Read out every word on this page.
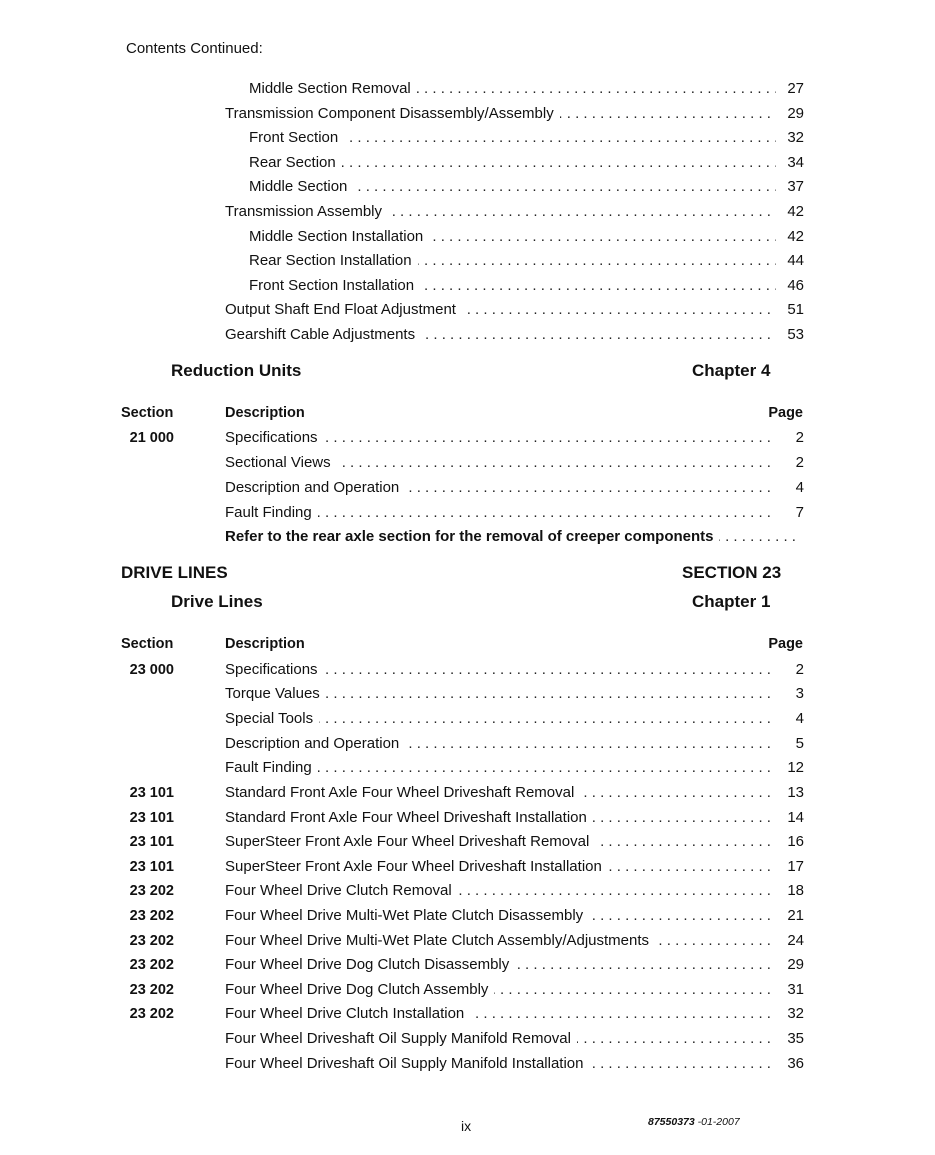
Contents Continued:
. . .
Middle Section Removal	27
. . .
Transmission Component Disassembly/Assembly	29
. . .
Front Section	32
. . .
Rear Section	34
. . .
Middle Section	37
. . .
Transmission Assembly	42
. . .
Middle Section Installation	42
. . .
Rear Section Installation	44
. . .
Front Section Installation	46
. . .
Output Shaft End Float Adjustment	51
. . .
Gearshift Cable Adjustments	53
Reduction Units	Chapter 4
Section	Description	Page
21 000 . . .	Specifications	2
. . .
Sectional Views	2
. . .
Description and Operation	4
. . .
Fault Finding	7
. . .
Refer to the rear axle section for the removal of creeper components
DRIVE LINES	SECTION 23
Drive Lines	Chapter 1
Section	Description	Page
23 000 . . .	Specifications	2
. . .
Torque Values	3
. . .
Special Tools	4
. . .
Description and Operation	5
. . .
Fault Finding	12
23 101 . . .	Standard Front Axle Four Wheel Driveshaft Removal	13
23 101 . . .	Standard Front Axle Four Wheel Driveshaft Installation	14
23 101 . . .	SuperSteer Front Axle Four Wheel Driveshaft Removal	16
23 101 . . .	SuperSteer Front Axle Four Wheel Driveshaft Installation	17
23 202 . . .	Four Wheel Drive Clutch Removal	18
23 202 . . .	Four Wheel Drive Multi-Wet Plate Clutch Disassembly	21
23 202 . . .	Four Wheel Drive Multi-Wet Plate Clutch Assembly/Adjustments	24
23 202 . . .	Four Wheel Drive Dog Clutch Disassembly	29
23 202 . . .	Four Wheel Drive Dog Clutch Assembly	31
23 202 . . .	Four Wheel Drive Clutch Installation	32
. . .
Four Wheel Driveshaft Oil Supply Manifold Removal	35
. . .
Four Wheel Driveshaft Oil Supply Manifold Installation	36
ix	87550373 -01-2007
